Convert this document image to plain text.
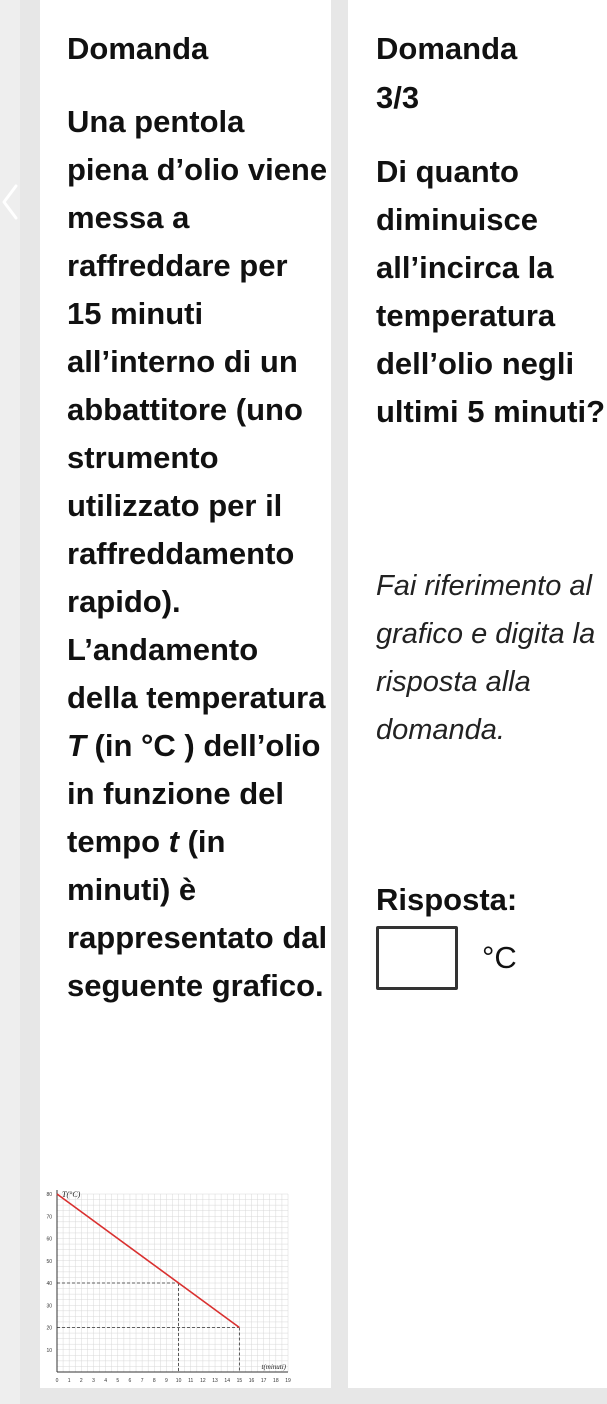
Domanda
Una pentola piena d’olio viene messa a raffreddare per 15 minuti all’interno di un abbattitore (uno strumento utilizzato per il raffreddamento rapido). L’andamento della temperatura T (in °C ) dell’olio in funzione del tempo t (in minuti) è rappresentato dal seguente grafico.
0 1 2 3 4 5 6 7 8 9 10 11 12 13 14 15 16 17 18 19
10
20
30
40
50
60
70
80 T(°C)
t(minuti)
Domanda
3/3
Di quanto diminuisce all’incirca la temperatura dell’olio negli ultimi 5 minuti?
Fai riferimento al grafico e digita la risposta alla domanda.
Risposta:
°C
